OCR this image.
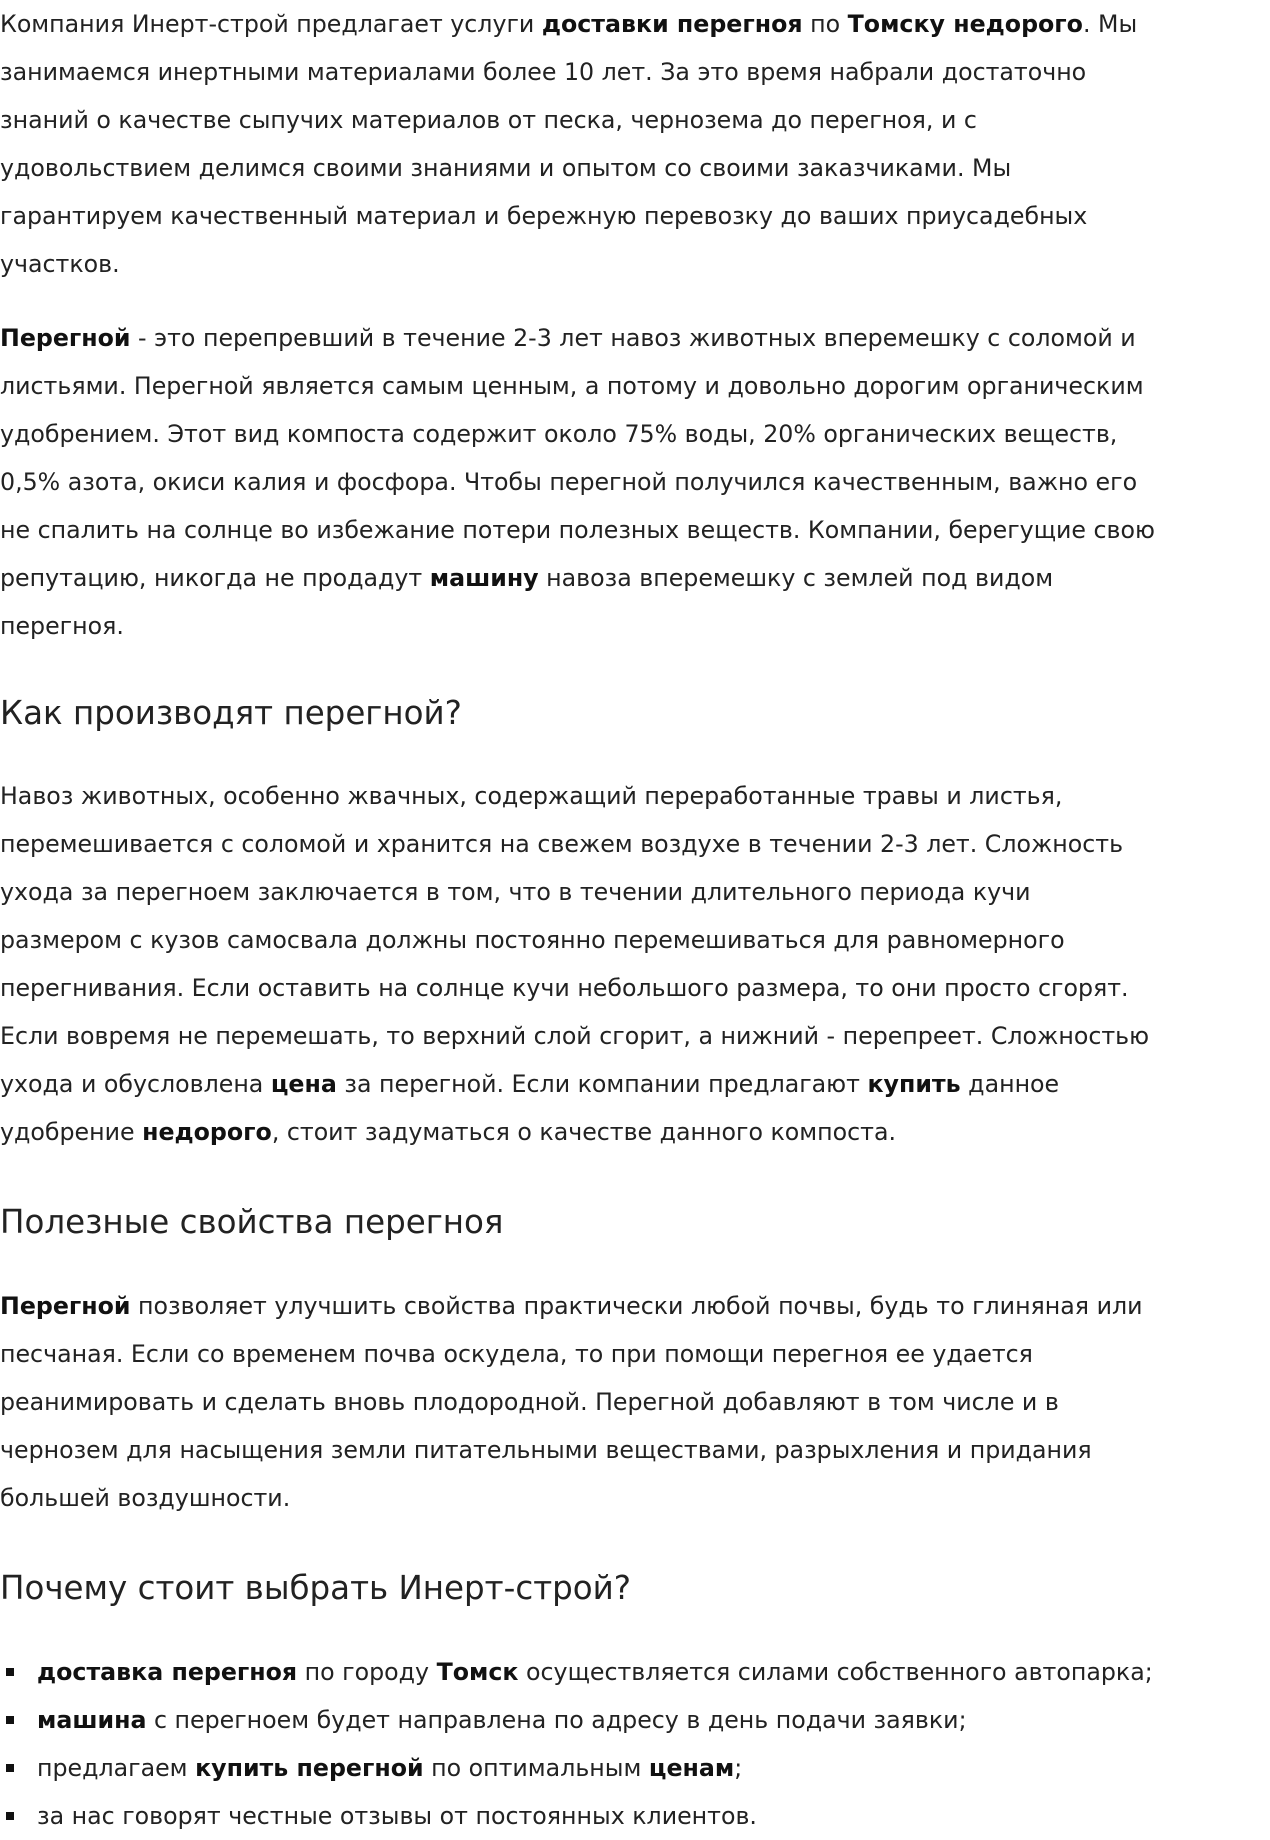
Компания Инерт-строй предлагает услуги доставки перегноя по Томску недорого. Мы
занимаемся инертными материалами более 10 лет. За это время набрали достаточно
знаний о качестве сыпучих материалов от песка, чернозема до перегноя, и с
удовольствием делимся своими знаниями и опытом со своими заказчиками. Мы
гарантируем качественный материал и бережную перевозку до ваших приусадебных
участков.

Перегной - это перепревший в течение 2-3 лет навоз животных вперемешку с соломой и
листьями. Перегной является самым ценным, а потому и довольно дорогим органическим
удобрением. Этот вид компоста содержит около 75% воды, 20% органических веществ,
0,5% азота, окиси калия и фосфора. Чтобы перегной получился качественным, важно его
не спалить на солнце во избежание потери полезных веществ. Компании, берегущие свою
репутацию, никогда не продадут машину навоза вперемешку с землей под видом
перегноя.

Как производят перегной?

Навоз животных, особенно жвачных, содержащий переработанные травы и листья,
перемешивается с соломой и хранится на свежем воздухе в течении 2-3 лет. Сложность
ухода за перегноем заключается в том, что в течении длительного периода кучи
размером с кузов самосвала должны постоянно перемешиваться для равномерного
перегнивания. Если оставить на солнце кучи небольшого размера, то они просто сгорят.
Если вовремя не перемешать, то верхний слой сгорит, а нижний - перепреет. Сложностью
ухода и обусловлена цена за перегной. Если компании предлагают купить данное
удобрение недорого, стоит задуматься о качестве данного компоста.

Полезные свойства перегноя

Перегной позволяет улучшить свойства практически любой почвы, будь то глиняная или
песчаная. Если со временем почва оскудела, то при помощи перегноя ее удается
реанимировать и сделать вновь плодородной. Перегной добавляют в том числе и в
чернозем для насыщения земли питательными веществами, разрыхления и придания
большей воздушности.

Почему стоит выбрать Инерт-строй?
доставка перегноя по городу Томск осуществляется силами собственного автопарка;
машина с перегноем будет направлена по адресу в день подачи заявки;
предлагаем купить перегной по оптимальным ценам;
за нас говорят честные отзывы от постоянных клиентов.
